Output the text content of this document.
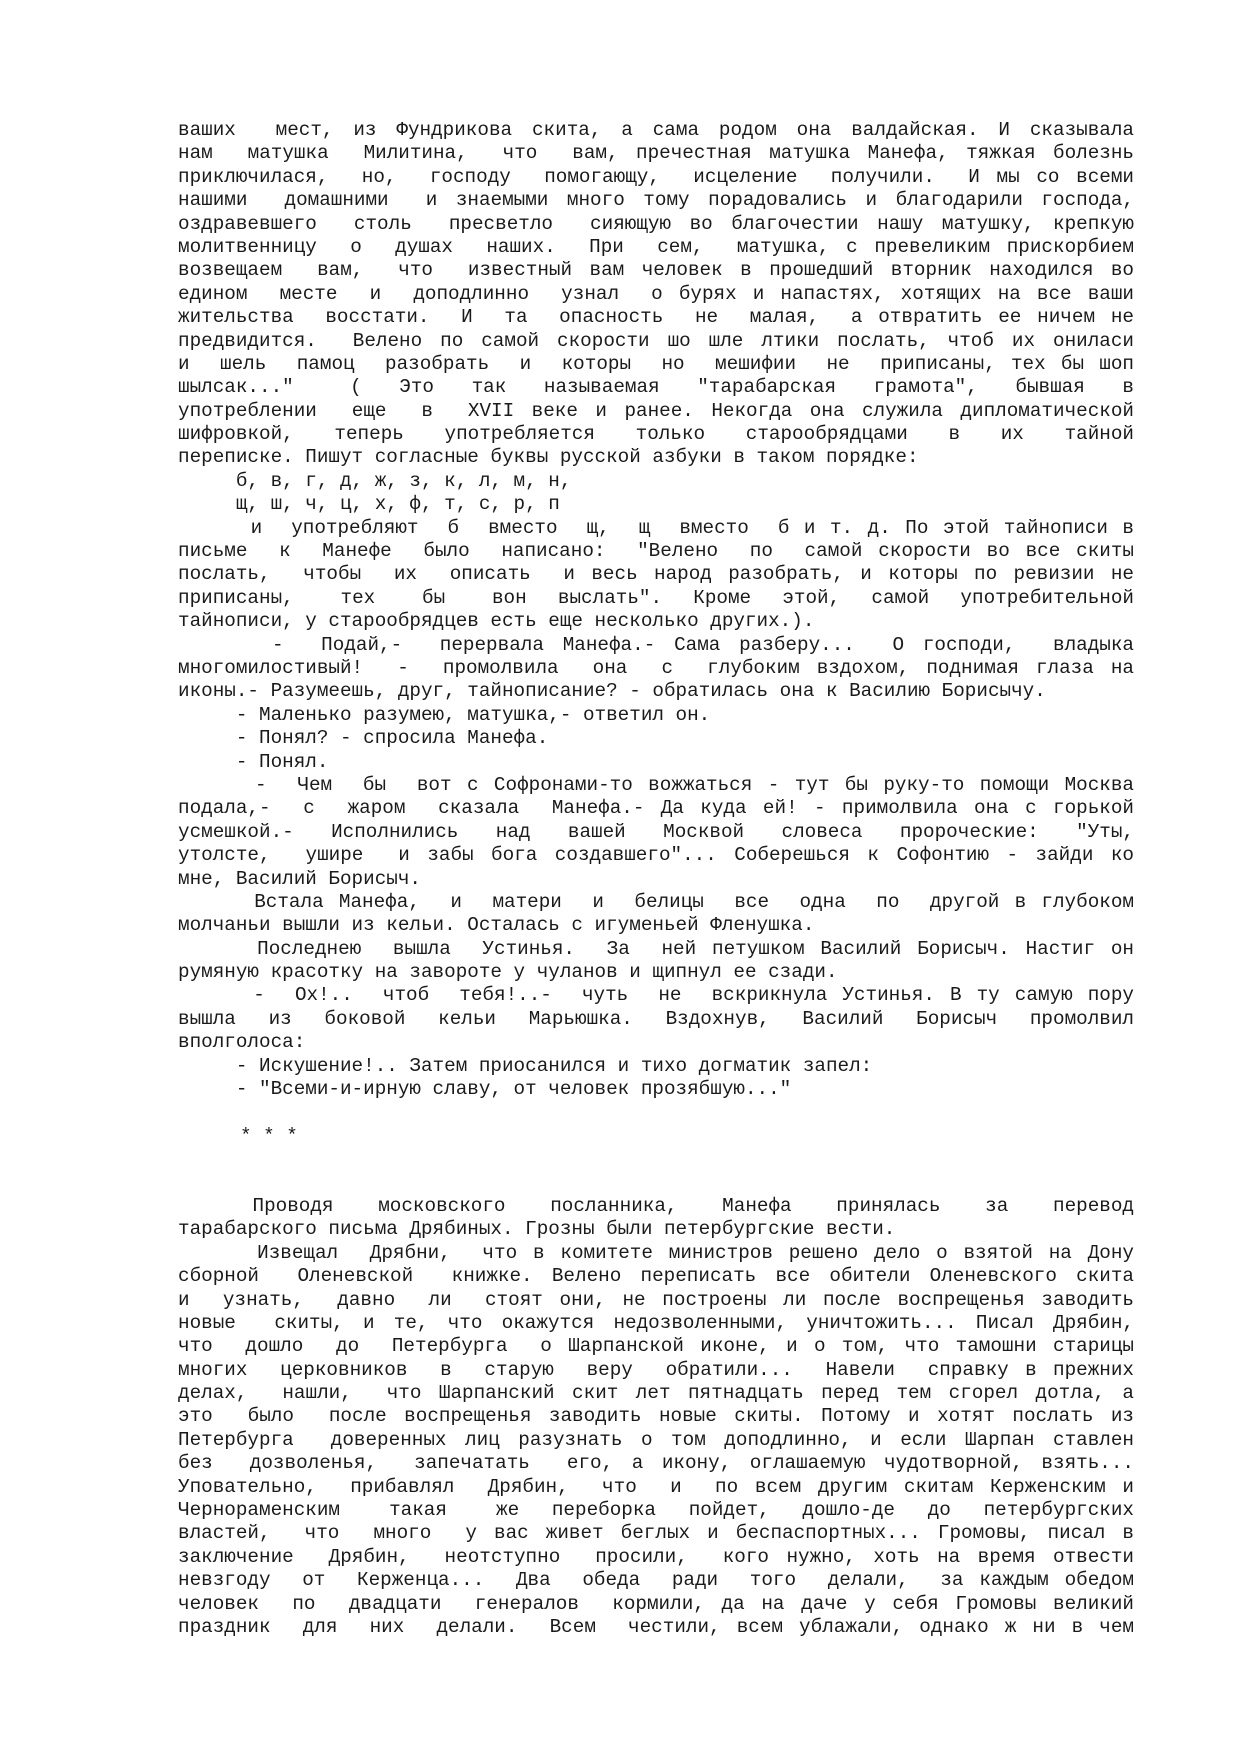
ваших  мест, из Фундрикова скита, а сама родом она валдайская. И сказывала
нам  матушка  Милитина,  что  вам, пречестная матушка Манефа, тяжкая болезнь
приключилася,  но,  господу  помогающу,  исцеление  получили.  И мы со всеми
нашими  домашними  и знаемыми много тому порадовались и благодарили господа,
оздравевшего  столь  пресветло  сияющую во благочестии нашу матушку, крепкую
молитвенницу  о  душах  наших.  При  сем,  матушка, с превеликим прискорбием
возвещаем  вам,  что  известный вам человек в прошедший вторник находился во
едином  месте  и  доподлинно  узнал  о бурях и напастях, хотящих на все ваши
жительства  восстати.  И  та  опасность  не  малая,  а отвратить ее ничем не
предвидится.  Велено по самой скорости шо шле лтики послать, чтоб их ониласи
и  шель  памоц  разобрать  и  которы  но  мешифии  не  приписаны, тех бы шоп
шылсак..."   (  Это  так  называемая  "тарабарская  грамота",  бывшая  в
употреблении  еще  в  XVII веке и ранее. Некогда она служила дипломатической
шифровкой,  теперь  употребляется  только  старообрядцами  в  их  тайной
переписке. Пишут согласные буквы русской азбуки в таком порядке:
б, в, г, д, ж, з, к, л, м, н,
щ, ш, ч, ц, х, ф, т, с, р, п
и  употребляют  б  вместо  щ,  щ  вместо  б и т. д. По этой тайнописи в
письме  к  Манефе  было  написано:  "Велено  по  самой скорости во все скиты
послать,  чтобы  их  описать  и весь народ разобрать, и которы по ревизии не
приписаны,   тех   бы   вон  выслать".  Кроме  этой,  самой  употребительной
тайнописи, у старообрядцев есть еще несколько других.).
-  Подай,-  перервала Манефа.- Сама разберу...  О господи,  владыка
многомилостивый!  -  промолвила  она  с  глубоким вздохом, поднимая глаза на
иконы.- Разумеешь, друг, тайнописание? - обратилась она к Василию Борисычу.
- Маленько разумею, матушка,- ответил он.
- Понял? - спросила Манефа.
- Понял.
-  Чем  бы  вот с Софронами-то вожжаться - тут бы руку-то помощи Москва
подала,-  с  жаром  сказала  Манефа.- Да куда ей! - примолвила она с горькой
усмешкой.-  Исполнились  над  вашей  Москвой  словеса  пророческие:  "Уты,
утолсте,  ушире  и забы бога создавшего"... Соберешься к Софонтию - зайди ко
мне, Василий Борисыч.
Встала Манефа,  и  матери  и  белицы  все  одна  по  другой в глубоком
молчаньи вышли из кельи. Осталась с игуменьей Фленушка.
Последнею  вышла  Устинья.  За  ней петушком Василий Борисыч. Настиг он
румяную красотку на завороте у чуланов и щипнул ее сзади.
-  Ох!..  чтоб  тебя!..-  чуть  не  вскрикнула Устинья. В ту самую пору
вышла  из  боковой  кельи  Марьюшка.  Вздохнув,  Василий  Борисыч  промолвил
вполголоса:
- Искушение!.. Затем приосанился и тихо догматик запел:
- "Всеми-и-ирную славу, от человек прозябшую..."
* * *
Проводя   московского   посланника,   Манефа   принялась   за   перевод
тарабарского письма Дрябиных. Грозны были петербургские вести.
Извещал  Дрябни,  что в комитете министров решено дело о взятой на Дону
сборной  Оленевской  книжке. Велено переписать все обители Оленевского скита
и  узнать,  давно  ли  стоят они, не построены ли после воспрещенья заводить
новые  скиты, и те, что окажутся недозволенными, уничтожить... Писал Дрябин,
что  дошло  до  Петербурга  о Шарпанской иконе, и о том, что тамошни старицы
многих  церковников  в  старую  веру  обратили...  Навели  справку в прежних
делах,  нашли,  что Шарпанский скит лет пятнадцать перед тем сгорел дотла, а
это  было  после воспрещенья заводить новые скиты. Потому и хотят послать из
Петербурга  доверенных лиц разузнать о том доподлинно, и если Шарпан ставлен
без  дозволенья,  запечатать  его, а икону, оглашаемую чудотворной, взять...
Уповательно,  прибавлял  Дрябин,  что  и  по всем другим скитам Керженским и
Чернораменским   такая   же  переборка  пойдет,  дошло-де  до  петербургских
властей,  что  много  у вас живет беглых и беспаспортных... Громовы, писал в
заключение  Дрябин,  неотступно  просили,  кого нужно, хоть на время отвести
невзгоду  от  Керженца...  Два  обеда  ради  того  делали,  за каждым обедом
человек  по  двадцати  генералов  кормили, да на даче у себя Громовы великий
праздник  для  них  делали.  Всем  честили, всем ублажали, однако ж ни в чем
